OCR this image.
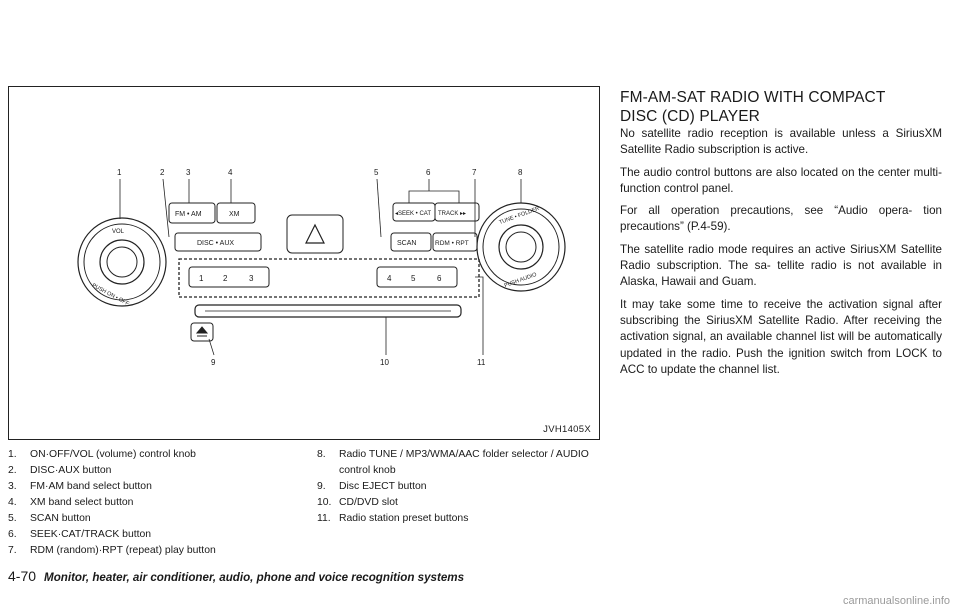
VOL
PUSH ON • OFF
TUNE • FOLDER
PUSH AUDIO
FM • AM	XM
DISC • AUX
◂SEEK • CAT TRACK ▸▸
SCAN	RDM • RPT
1 2	3	4 5	6
1	2	3	4	5	6	7	8
9	10	11
JVH1405X
1.	ON·OFF/VOL (volume) control knob
2.	DISC·AUX button
3.	FM·AM band select button
4.	XM band select button
5.	SCAN button
6.	SEEK·CAT/TRACK button
7.	RDM (random)·RPT (repeat) play button
8.	Radio TUNE / MP3/WMA/AAC folder selector / AUDIO control knob
9.	Disc EJECT button
10. CD/DVD slot
11. Radio station preset buttons
FM-AM-SAT RADIO WITH COMPACT DISC (CD) PLAYER

No satellite radio reception is available unless a SiriusXM Satellite Radio subscription is active.

The audio control buttons are also located on the center multi-function control panel.

For all operation precautions, see “Audio opera- tion precautions” (P.4-59).

The satellite radio mode requires an active SiriusXM Satellite Radio subscription. The sa- tellite radio is not available in Alaska, Hawaii and Guam.

It may take some time to receive the activation signal after subscribing the SiriusXM Satellite Radio. After receiving the activation signal, an available channel list will be automatically updated in the radio. Push the ignition switch from LOCK to ACC to update the channel list.

4-70 Monitor, heater, air conditioner, audio, phone and voice recognition systems
carmanualsonline.info
